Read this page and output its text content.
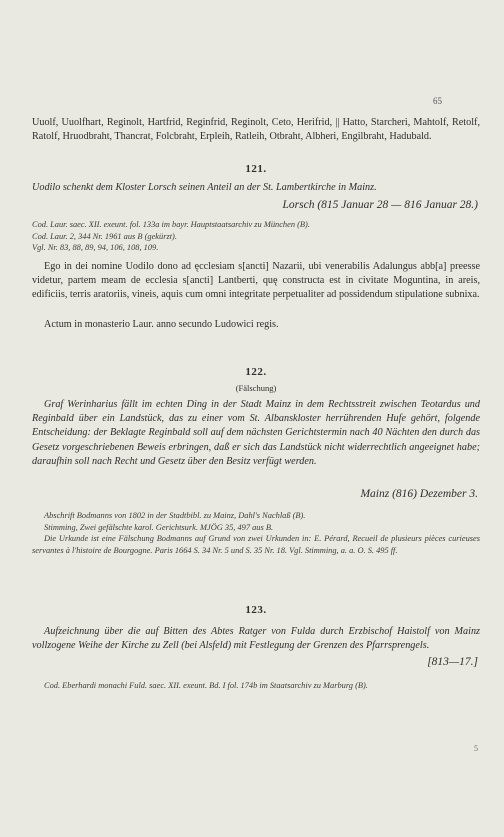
65
Uuolf, Uuolfhart, Reginolt, Hartfrid, Reginfrid, Reginolt, Ceto, Herifrid, || Hatto, Starcheri, Mahtolf, Retolf, Ratolf, Hruodbraht, Thancrat, Folcbraht, Erpleih, Ratleih, Otbraht, Albheri, Engilbraht, Hadubald.
121.
Uodilo schenkt dem Kloster Lorsch seinen Anteil an der St. Lambertkirche in Mainz.
Lorsch (815 Januar 28 — 816 Januar 28.)
Cod. Laur. saec. XII. exeunt. fol. 133a im bayr. Hauptstaatsarchiv zu München (B).
Cod. Laur. 2, 344 Nr. 1961 aus B (gekürzt).
Vgl. Nr. 83, 88, 89, 94, 106, 108, 109.
Ego in dei nomine Uodilo dono ad ęcclesiam s[ancti] Nazarii, ubi venerabilis Adalungus abb[a] preesse videtur, partem meam de ecclesia s[ancti] Lantberti, quę constructa est in civitate Moguntina, in areis, edificiis, terris aratoriis, vineis, aquis cum omni integritate perpetualiter ad possidendum stipulatione subnixa.
Actum in monasterio Laur. anno secundo Ludowici regis.
122.
(Fälschung)
Graf Werinharius fällt im echten Ding in der Stadt Mainz in dem Rechtsstreit zwischen Teotardus und Reginbald über ein Landstück, das zu einer vom St. Albanskloster herrührenden Hufe gehört, folgende Entscheidung: der Beklagte Reginbald soll auf dem nächsten Gerichtstermin nach 40 Nächten den durch das Gesetz vorgeschriebenen Beweis erbringen, daß er sich das Landstück nicht widerrechtlich angeeignet habe; daraufhin soll nach Recht und Gesetz über den Besitz verfügt werden.
Mainz (816) Dezember 3.
Abschrift Bodmanns von 1802 in der Stadtbibl. zu Mainz, Dahl's Nachlaß (B).
Stimming, Zwei gefälschte karol. Gerichtsurk. MJÖG 35, 497 aus B.
Die Urkunde ist eine Fälschung Bodmanns auf Grund von zwei Urkunden in: E. Pérard, Recueil de plusieurs pièces curieuses servantes à l'histoire de Bourgogne. Paris 1664 S. 34 Nr. 5 und S. 35 Nr. 18. Vgl. Stimming, a. a. O. S. 495 ff.
123.
Aufzeichnung über die auf Bitten des Abtes Ratger von Fulda durch Erzbischof Haistolf von Mainz vollzogene Weihe der Kirche zu Zell (bei Alsfeld) mit Festlegung der Grenzen des Pfarrsprengels.
[813—17.]
Cod. Eberhardi monachi Fuld. saec. XII. exeunt. Bd. I fol. 174b im Staatsarchiv zu Marburg (B).
5
